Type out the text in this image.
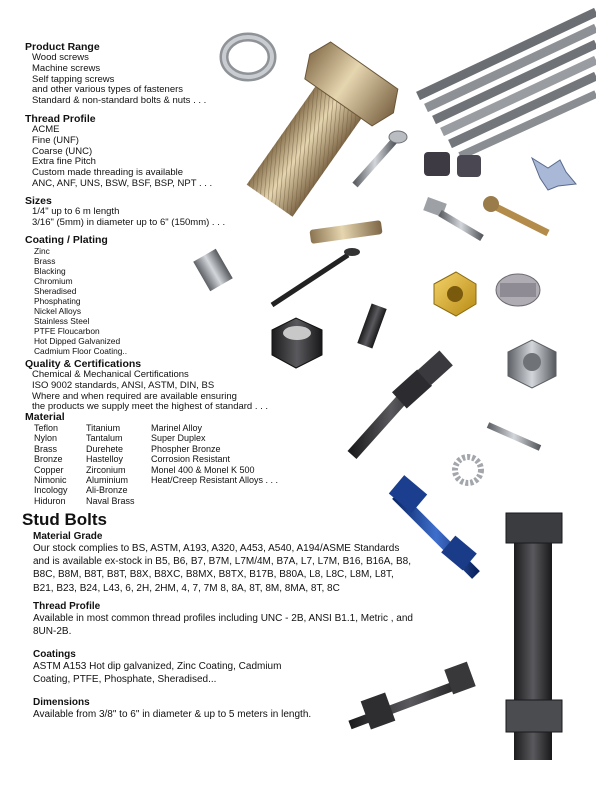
Product Range
Wood screws
Machine screws
Self tapping screws
and other various types of fasteners
Standard & non-standard bolts & nuts . . .
Thread Profile
ACME
Fine (UNF)
Coarse (UNC)
Extra fine Pitch
Custom made threading is available
ANC, ANF, UNS, BSW, BSF, BSP, NPT . . .
Sizes
1/4" up to 6 m length
3/16" (5mm) in diameter up to 6" (150mm) . . .
Coating / Plating
Zinc
Brass
Blacking
Chromium
Sheradised
Phosphating
Nickel Alloys
Stainless Steel
PTFE Floucarbon
Hot Dipped Galvanized
Cadmium Floor Coating..
Quality & Certifications
Chemical & Mechanical Certifications
ISO 9002 standards, ANSI, ASTM, DIN, BS
Where and when required are available ensuring
the products we supply meet the highest of standard . . .
Material
Teflon
Nylon
Brass
Bronze
Copper
Nimonic
Incology
Hiduron
Titanium
Tantalum
Durehete
Hastelloy
Zirconium
Aluminium
Ali-Bronze
Naval Brass
Marinel Alloy
Super Duplex
Phospher Bronze
Corrosion Resistant
Monel 400 & Monel K 500
Heat/Creep Resistant Alloys . . .
Stud Bolts
Material Grade
Our stock complies to BS, ASTM, A193, A320, A453, A540, A194/ASME Standards
and is available ex-stock in B5, B6, B7, B7M, L7M/4M, B7A, L7, L7M, B16, B16A, B8,
B8C, B8M, B8T, B8T, B8X, B8XC, B8MX, B8TX, B17B, B80A, L8, L8C, L8M, L8T,
B21, B23, B24, L43, 6, 2H, 2HM, 4, 7, 7M 8, 8A, 8T, 8M, 8MA, 8T, 8C
Thread Profile
Available in most common thread profiles including UNC - 2B, ANSI B1.1, Metric , and
8UN-2B.
Coatings
ASTM A153 Hot dip galvanized, Zinc Coating, Cadmium
Coating, PTFE, Phosphate, Sheradised...
Dimensions
Available from 3/8" to 6" in diameter & up to 5 meters in length.
